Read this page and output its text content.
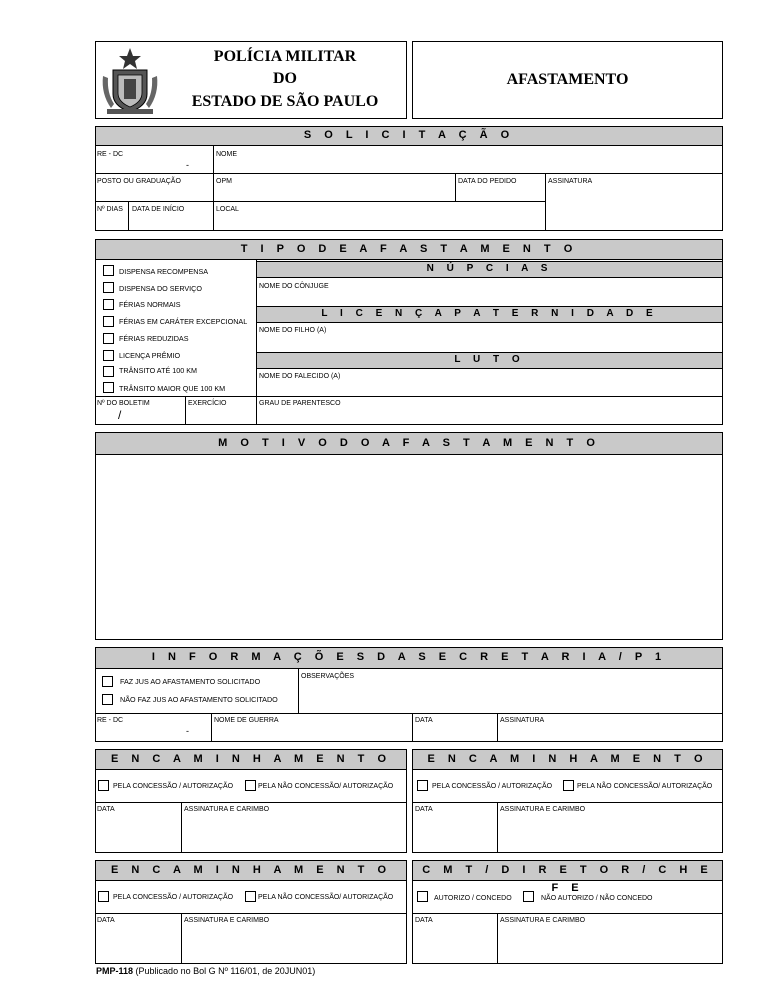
POLÍCIA MILITAR
DO
ESTADO DE SÃO PAULO
AFASTAMENTO
S O L I C I T A Ç Ã O
RE - DC
-
NOME
POSTO OU GRADUAÇÃO	OPM	DATA DO PEDIDO	ASSINATURA
Nº DIAS DATA DE INÍCIO	LOCAL
T I P O D E A F A S T A M E N T O
DISPENSA RECOMPENSA
DISPENSA DO SERVIÇO
FÉRIAS NORMAIS
FÉRIAS EM CARÁTER EXCEPCIONAL
FÉRIAS REDUZIDAS
LICENÇA PRÊMIO
TRÂNSITO ATÉ 100 KM
TRÂNSITO MAIOR QUE 100 KM
Nº DO BOLETIM
/
EXERCÍCIO
N Ú P C I A S
NOME DO CÔNJUGE
L I C E N Ç A P A T E R N I D A D E
NOME DO FILHO (A)
L U T O
NOME DO FALECIDO (A)
GRAU DE PARENTESCO
M O T I V O D O A F A S T A M E N T O
I N F O R M A Ç Õ E S D A S E C R E T A R I A / P 1
FAZ JUS AO AFASTAMENTO SOLICITADO
NÃO FAZ JUS AO AFASTAMENTO SOLICITADO
OBSERVAÇÕES
RE - DC
-
NOME DE GUERRA	DATA	ASSINATURA
E N C A M I N H A M E N T O
PELA CONCESSÃO / AUTORIZAÇÃO	PELA NÃO CONCESSÃO/ AUTORIZAÇÃO
DATA	ASSINATURA E CARIMBO
E N C A M I N H A M E N T O
PELA CONCESSÃO / AUTORIZAÇÃO	PELA NÃO CONCESSÃO/ AUTORIZAÇÃO
DATA	ASSINATURA E CARIMBO
E N C A M I N H A M E N T O
PELA CONCESSÃO / AUTORIZAÇÃO	PELA NÃO CONCESSÃO/ AUTORIZAÇÃO
DATA	ASSINATURA E CARIMBO
C M T / D I R E T O R / C H E F E
AUTORIZO / CONCEDO	NÃO AUTORIZO / NÃO CONCEDO
DATA	ASSINATURA E CARIMBO
PMP-118 (Publicado no Bol G Nº 116/01, de 20JUN01)
